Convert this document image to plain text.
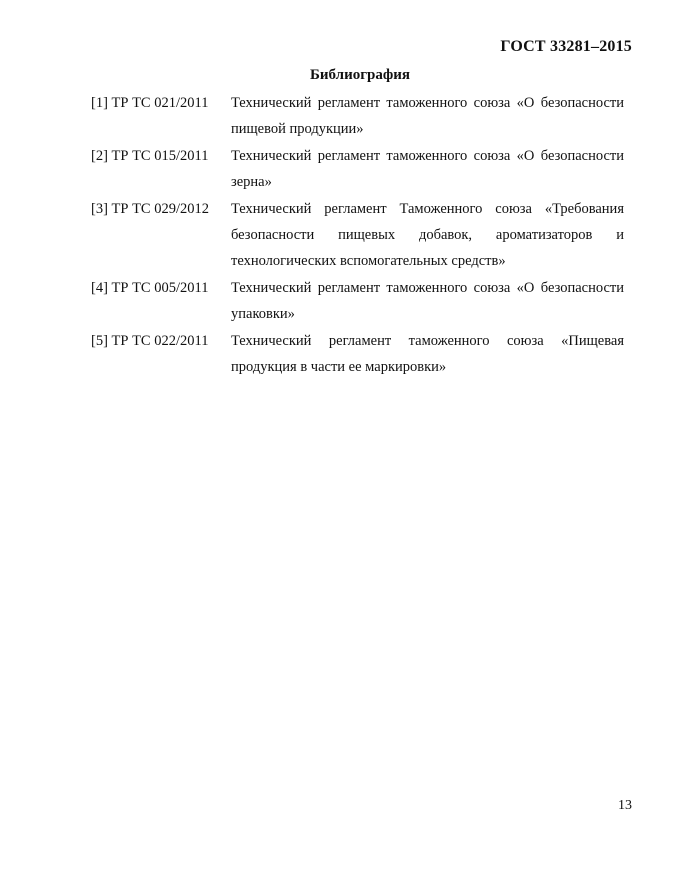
ГОСТ 33281–2015
Библиография
[1] ТР ТС 021/2011	Технический регламент таможенного союза «О безопасности пищевой продукции»
[2] ТР ТС 015/2011	Технический регламент таможенного союза «О безопасности зерна»
[3] ТР ТС 029/2012	Технический регламент Таможенного союза «Требования безопасности пищевых добавок, ароматизаторов и технологических вспомогательных средств»
[4] ТР ТС 005/2011	Технический регламент таможенного союза «О безопасности упаковки»
[5] ТР ТС 022/2011	Технический регламент таможенного союза «Пищевая продукция в части ее маркировки»
13
